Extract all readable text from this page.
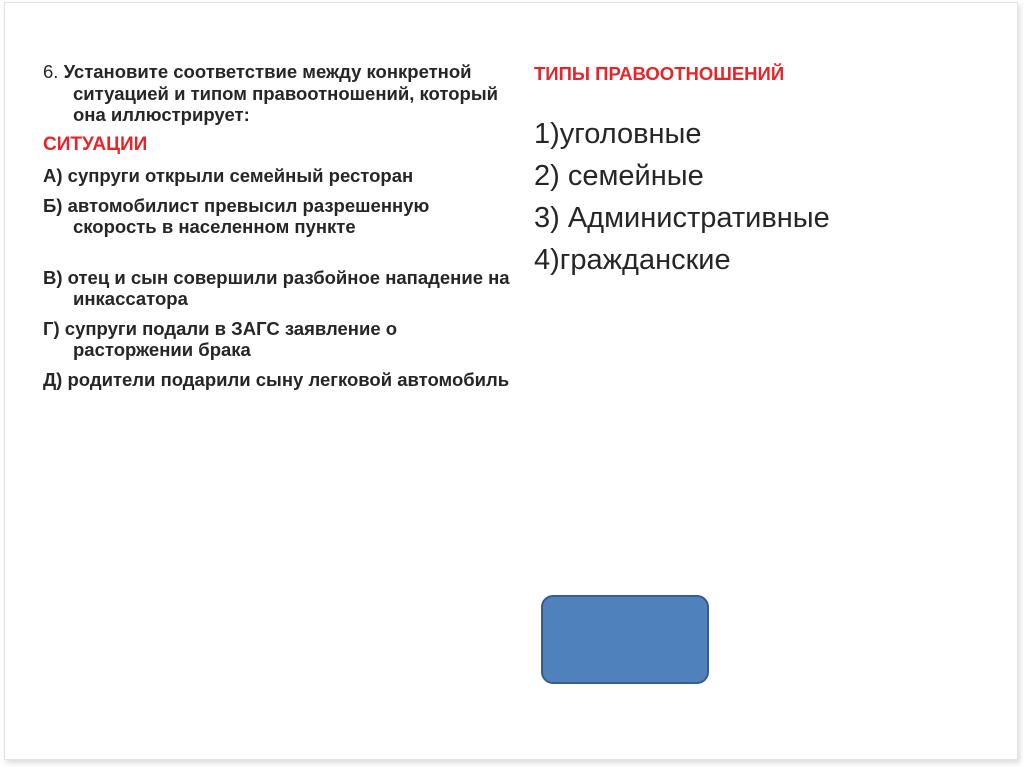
6. Установите соответствие между конкретной ситуацией и типом правоотношений, который она иллюстрирует:

СИТУАЦИИ

А) супруги открыли семейный ресторан

Б) автомобилист превысил разрешенную скорость в населенном пункте

В) отец и сын совершили разбойное нападение на инкассатора

Г) супруги подали в ЗАГС заявление о расторжении брака

Д) родители подарили сыну легковой автомобиль

ТИПЫ ПРАВООТНОШЕНИЙ
1)уголовные
2) семейные
3) Административные
4)гражданские
